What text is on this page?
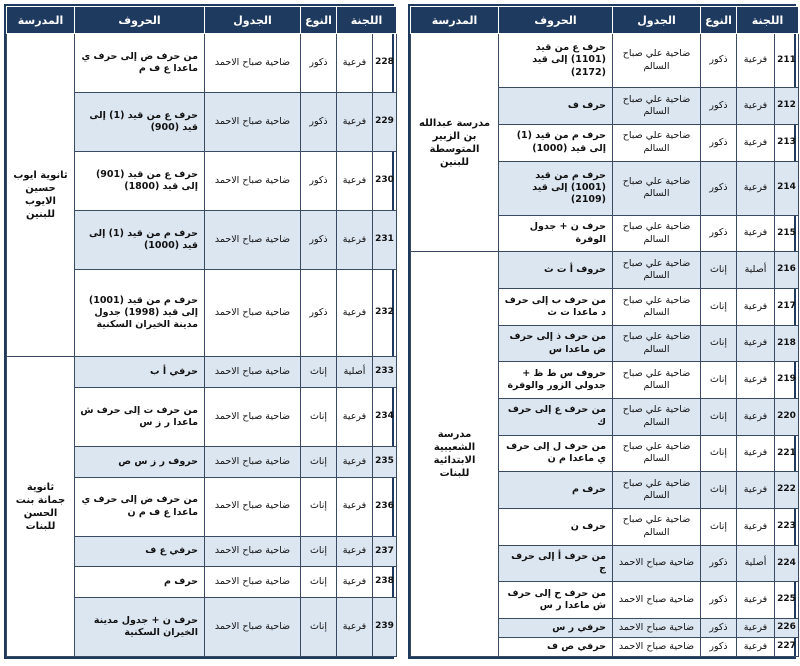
اللجنة		النوع	الجدول	الحروف	المدرسة
211	فرعية	ذكور	ضاحية علي صباح السالم	حرف ع من قيد (1101) إلى قيد (2172)	مدرسة عبدالله بن الزبير المتوسطة للبنين
212	فرعية	ذكور	ضاحية علي صباح السالم	حرف ف	
213	فرعية	ذكور	ضاحية علي صباح السالم	حرف م من قيد (1) إلى قيد (1000)	
214	فرعية	ذكور	ضاحية علي صباح السالم	حرف م من قيد (1001) إلى قيد (2109)	
215	فرعية	ذكور	ضاحية علي صباح السالم	حرف ن + جدول الوفرة	
216	أصلية	إناث	ضاحية علي صباح السالم	حروف أ ت ث	مدرسة الشعيبية الابتدائية للبنات
217	فرعية	إناث	ضاحية علي صباح السالم	من حرف ب إلى حرف د ماعدا ت ث	
218	فرعية	إناث	ضاحية علي صباح السالم	من حرف ذ إلى حرف ض ماعدا س	
219	فرعية	إناث	ضاحية علي صباح السالم	حروف س ط ظ + جدولي الزور والوفرة	
220	فرعية	إناث	ضاحية علي صباح السالم	من حرف ع إلى حرف ك	
221	فرعية	إناث	ضاحية علي صباح السالم	من حرف ل إلى حرف ي ماعدا م ن	
222	فرعية	إناث	ضاحية علي صباح السالم	حرف م	
223	فرعية	إناث	ضاحية علي صباح السالم	حرف ن	
224	أصلية	ذكور	ضاحية صباح الاحمد	من حرف أ إلى حرف ج	
225	فرعية	ذكور	ضاحية صباح الاحمد	من حرف ح إلى حرف ش ماعدا ر س	
226	فرعية	ذكور	ضاحية صباح الاحمد	حرفي ر س	
227	فرعية	ذكور	ضاحية صباح الاحمد	حرفي ص ف	
اللجنة		النوع	الجدول	الحروف	المدرسة
228	فرعية	ذكور	ضاحية صباح الاحمد	من حرف ض إلى حرف ي ماعدا ع ف م	ثانوية ايوب حسين الايوب للبنين
229	فرعية	ذكور	ضاحية صباح الاحمد	حرف ع من قيد (1) إلى قيد (900)	
230	فرعية	ذكور	ضاحية صباح الاحمد	حرف ع من قيد (901) إلى قيد (1800)	
231	فرعية	ذكور	ضاحية صباح الاحمد	حرف م من قيد (1) إلى قيد (1000)	
232	فرعية	ذكور	ضاحية صباح الاحمد	حرف م من قيد (1001) إلى قيد (1998) جدول مدينة الخيران السكنية	
233	أصلية	إناث	ضاحية صباح الاحمد	حرفي أ ب	ثانوية جمانة بنت الحسن للبنات
234	فرعية	إناث	ضاحية صباح الاحمد	من حرف ت إلى حرف ش ماعدا ر ز س	
235	فرعية	إناث	ضاحية صباح الاحمد	حروف ر ز س ص	
236	فرعية	إناث	ضاحية صباح الاحمد	من حرف ض إلى حرف ي ماعدا ع ف م ن	
237	فرعية	إناث	ضاحية صباح الاحمد	حرفي ع ف	
238	فرعية	إناث	ضاحية صباح الاحمد	حرف م	
239	فرعية	إناث	ضاحية صباح الاحمد	حرف ن + جدول مدينة الخيران السكنية	
